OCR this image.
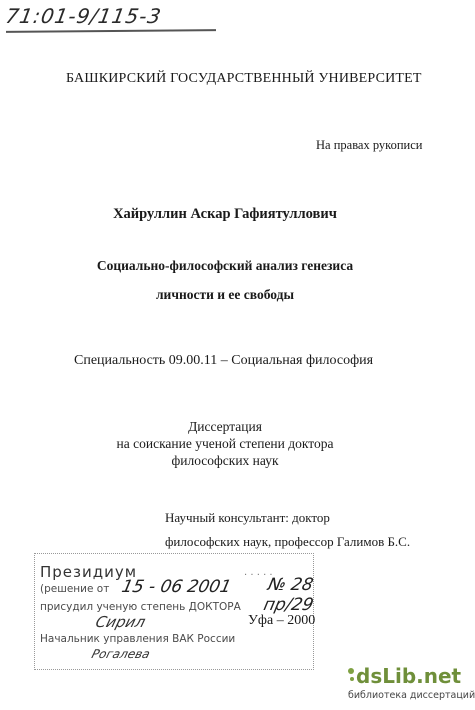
71:01-9/115-3
БАШКИРСКИЙ ГОСУДАРСТВЕННЫЙ УНИВЕРСИТЕТ
На правах рукописи
Хайруллин Аскар Гафиятуллович
Социально-философский анализ генезиса
личности и ее свободы
Специальность 09.00.11 – Социальная философия
Диссертация
на соискание ученой степени доктора
философских наук
Научный консультант: доктор
философских наук, профессор Галимов Б.С.
Президиум	. . . . .
(решение от 15 - 06 2001 № 28 пр/29
присудил ученую степень ДОКТОРА
Сирил
Начальник управления ВАК России
Рогалева
Уфа – 2000
dsLib.net
библиотека диссертаций
